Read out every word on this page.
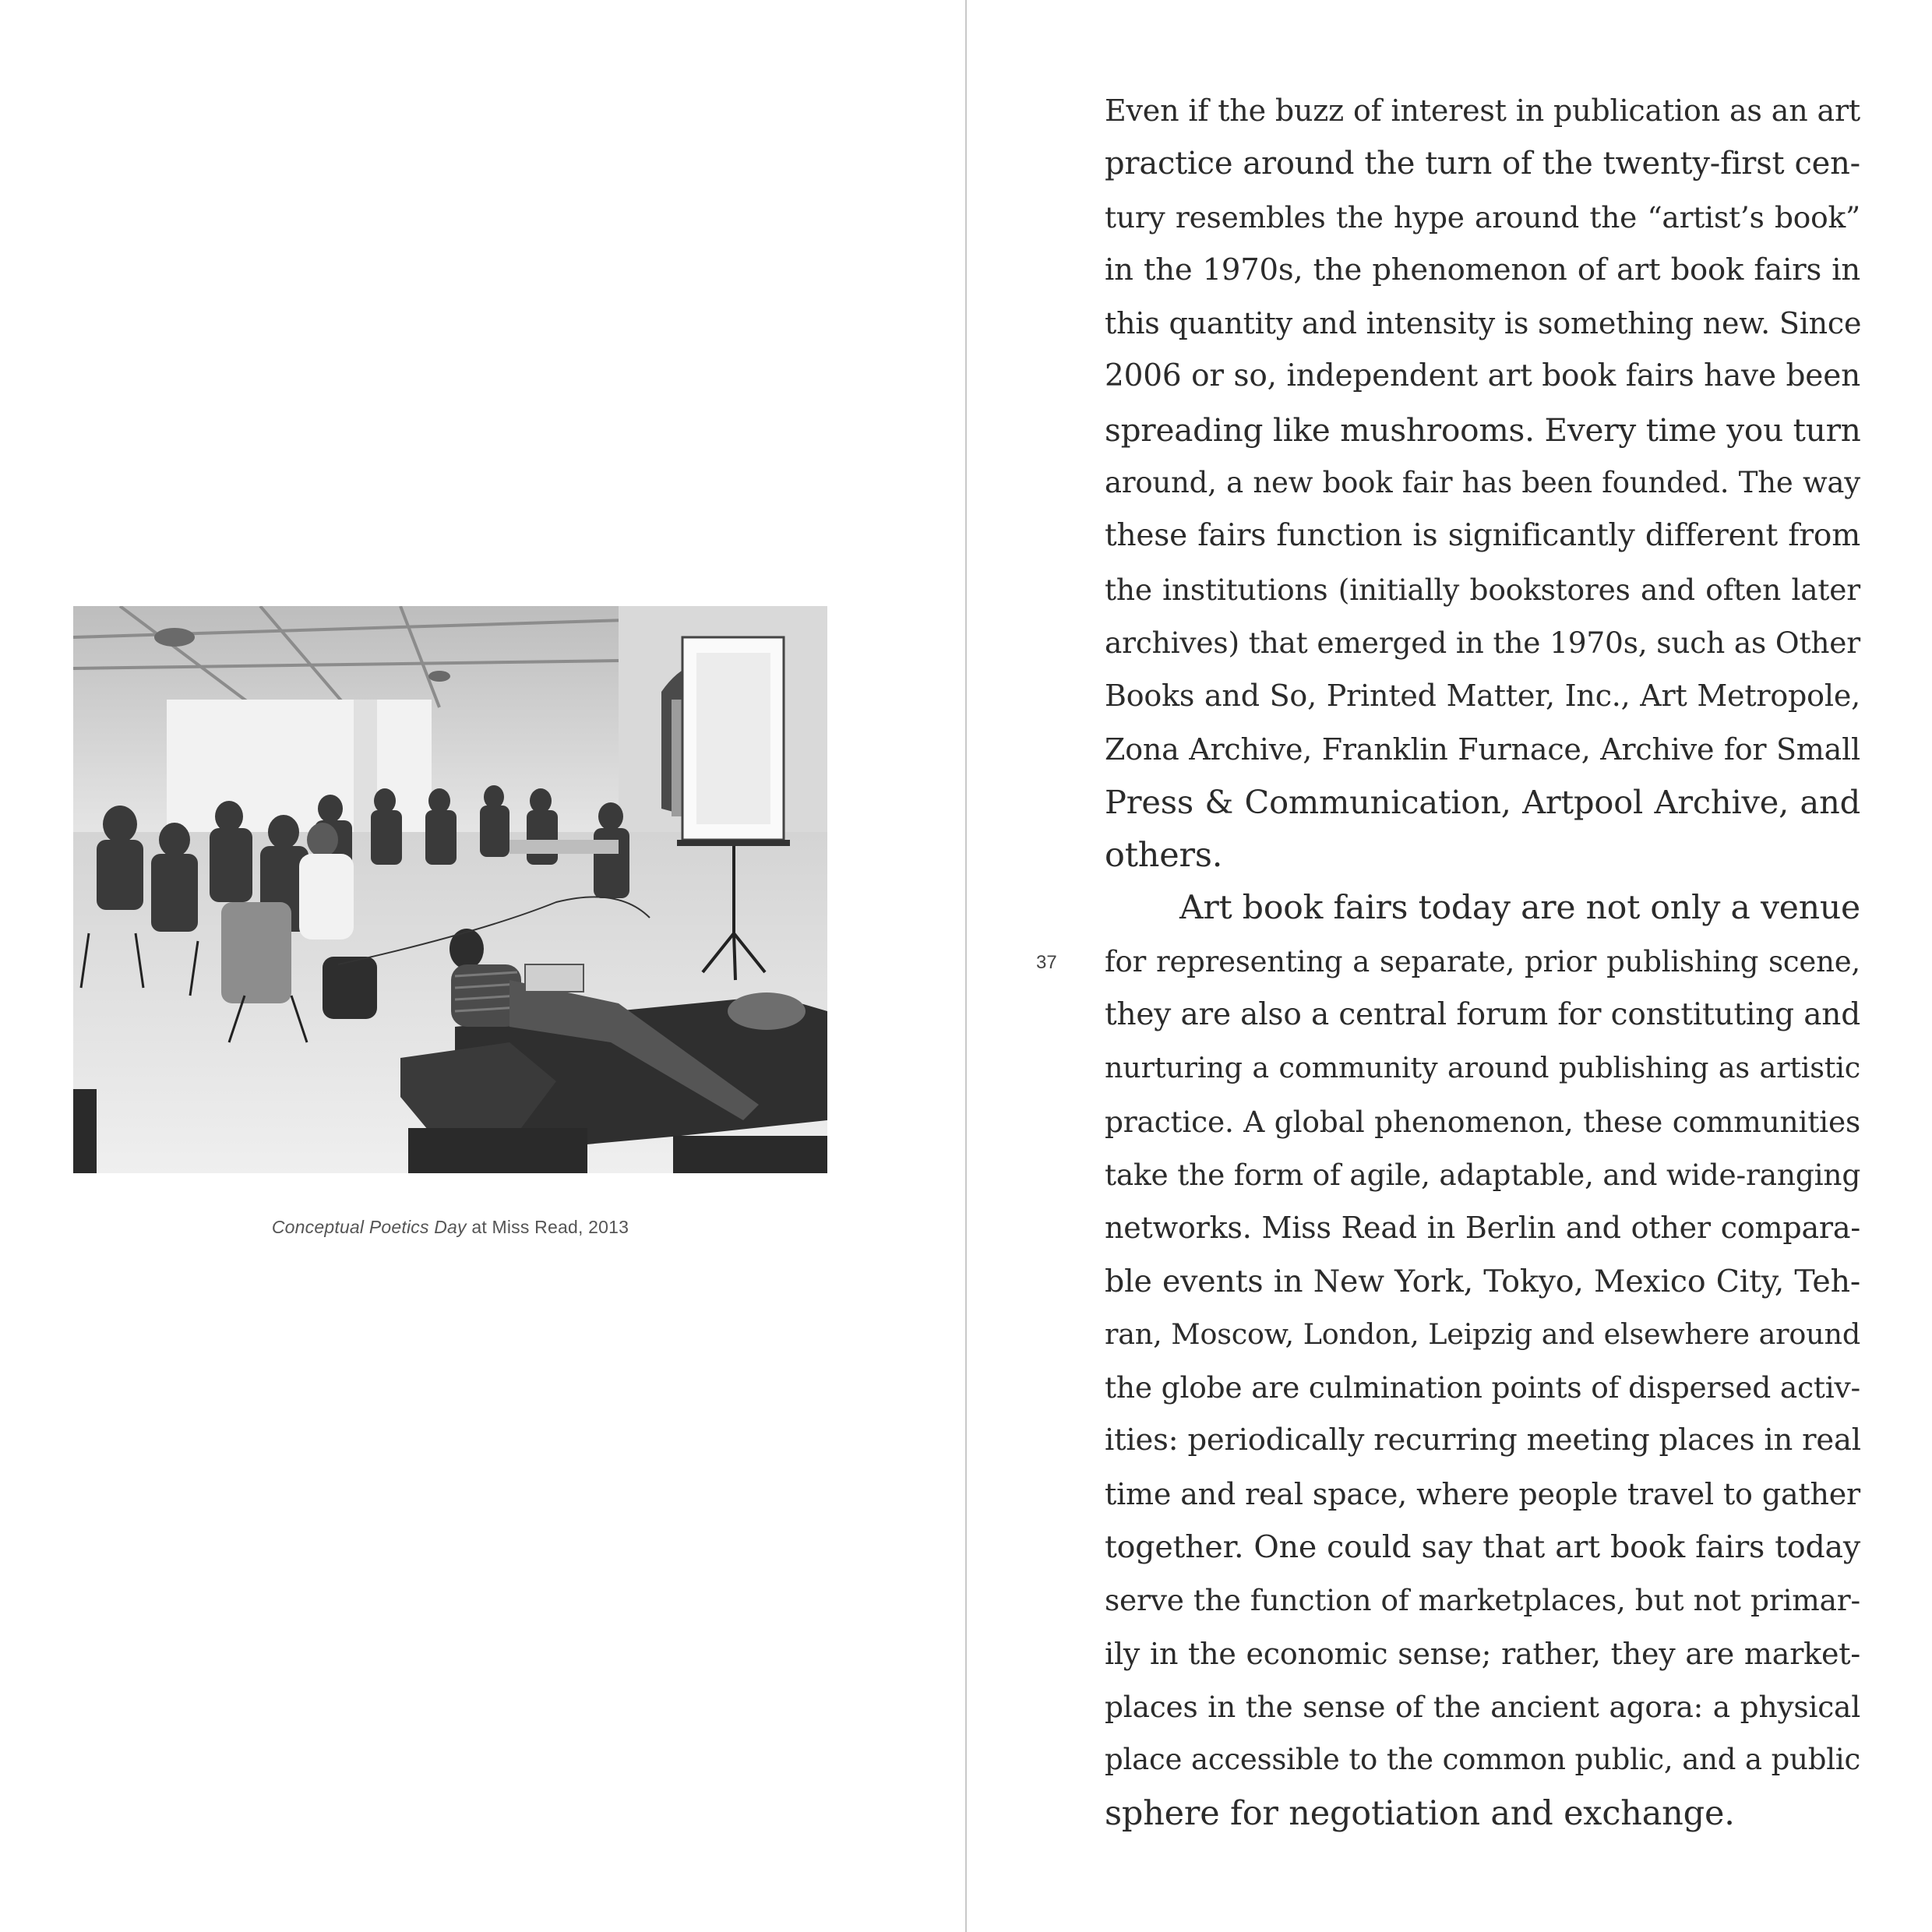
Conceptual Poetics Day at Miss Read, 2013
37
Even if the buzz of interest in publication as an art
practice around the turn of the twenty-first cen-
tury resembles the hype around the “artist’s book”
in the 1970s, the phenomenon of art book fairs in
this quantity and intensity is something new. Since
2006 or so, independent art book fairs have been
spreading like mushrooms. Every time you turn
around, a new book fair has been founded. The way
these fairs function is significantly different from
the institutions (initially bookstores and often later
archives) that emerged in the 1970s, such as Other
Books and So, Printed Matter, Inc., Art Metropole,
Zona Archive, Franklin Furnace, Archive for Small
Press & Communication, Artpool Archive, and
others.
Art book fairs today are not only a venue
for representing a separate, prior publishing scene,
they are also a central forum for constituting and
nurturing a community around publishing as artistic
practice. A global phenomenon, these communities
take the form of agile, adaptable, and wide-ranging
networks. Miss Read in Berlin and other compara-
ble events in New York, Tokyo, Mexico City, Teh-
ran, Moscow, London, Leipzig and elsewhere around
the globe are culmination points of dispersed activ-
ities: periodically recurring meeting places in real
time and real space, where people travel to gather
together. One could say that art book fairs today
serve the function of marketplaces, but not primar-
ily in the economic sense; rather, they are market-
places in the sense of the ancient agora: a physical
place accessible to the common public, and a public
sphere for negotiation and exchange.
